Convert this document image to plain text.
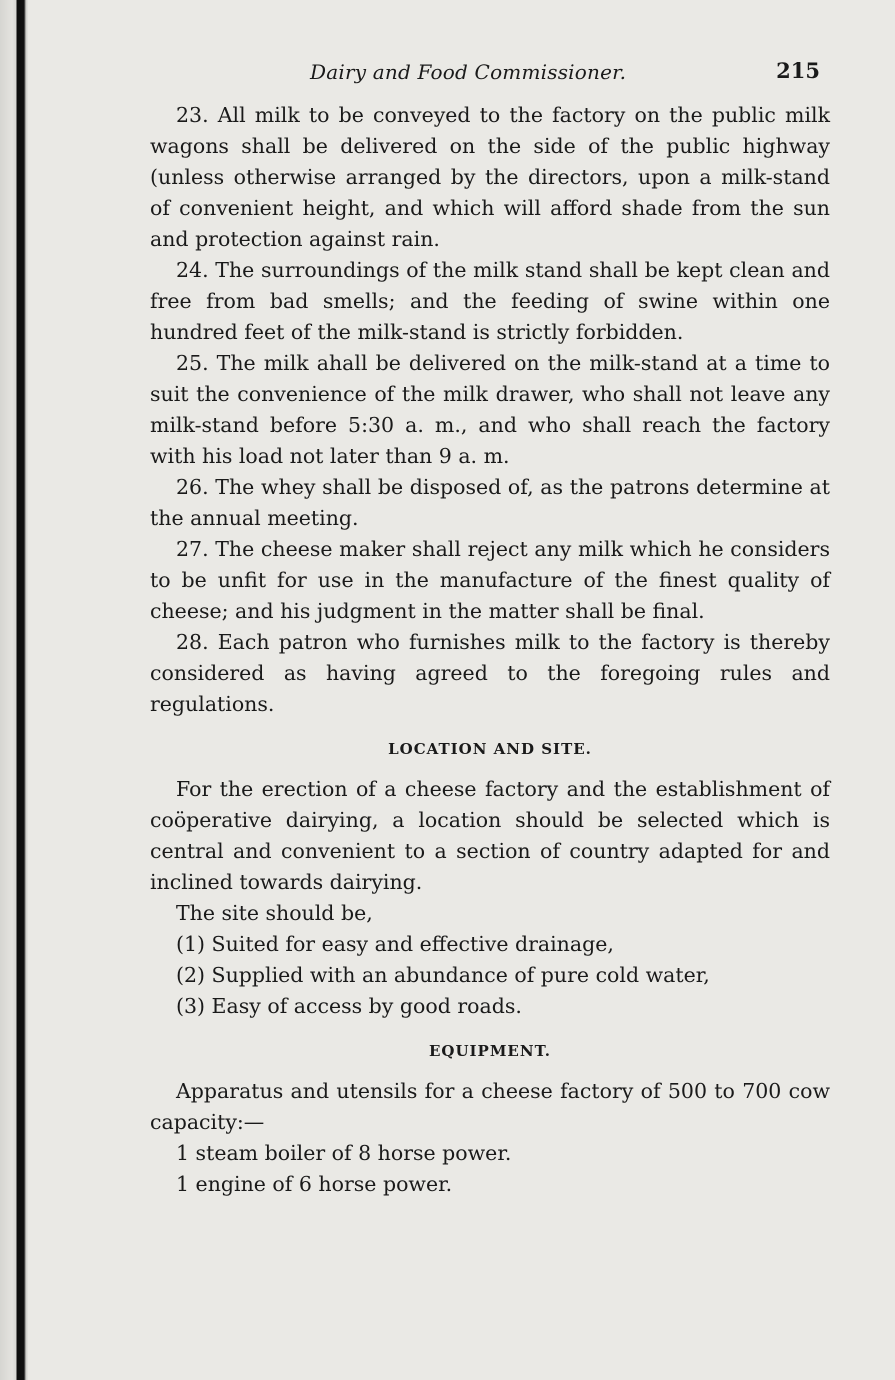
Dairy and Food Commissioner.	215

23. All milk to be conveyed to the factory on the public milk wagons shall be delivered on the side of the public highway (unless otherwise arranged by the directors, upon a milk-stand of convenient height, and which will afford shade from the sun and protection against rain.

24. The surroundings of the milk stand shall be kept clean and free from bad smells; and the feeding of swine within one hundred feet of the milk-stand is strictly forbidden.

25. The milk ahall be delivered on the milk-stand at a time to suit the convenience of the milk drawer, who shall not leave any milk-stand before 5:30 a. m., and who shall reach the factory with his load not later than 9 a. m.

26. The whey shall be disposed of, as the patrons determine at the annual meeting.

27. The cheese maker shall reject any milk which he considers to be unfit for use in the manufacture of the finest quality of cheese; and his judgment in the matter shall be final.

28. Each patron who furnishes milk to the factory is thereby considered as having agreed to the foregoing rules and regulations.

LOCATION AND SITE.

For the erection of a cheese factory and the establishment of coöperative dairying, a location should be selected which is central and convenient to a section of country adapted for and inclined towards dairying.

The site should be,

(1) Suited for easy and effective drainage,

(2) Supplied with an abundance of pure cold water,

(3) Easy of access by good roads.

EQUIPMENT.

Apparatus and utensils for a cheese factory of 500 to 700 cow capacity:—

1 steam boiler of 8 horse power.

1 engine of 6 horse power.
